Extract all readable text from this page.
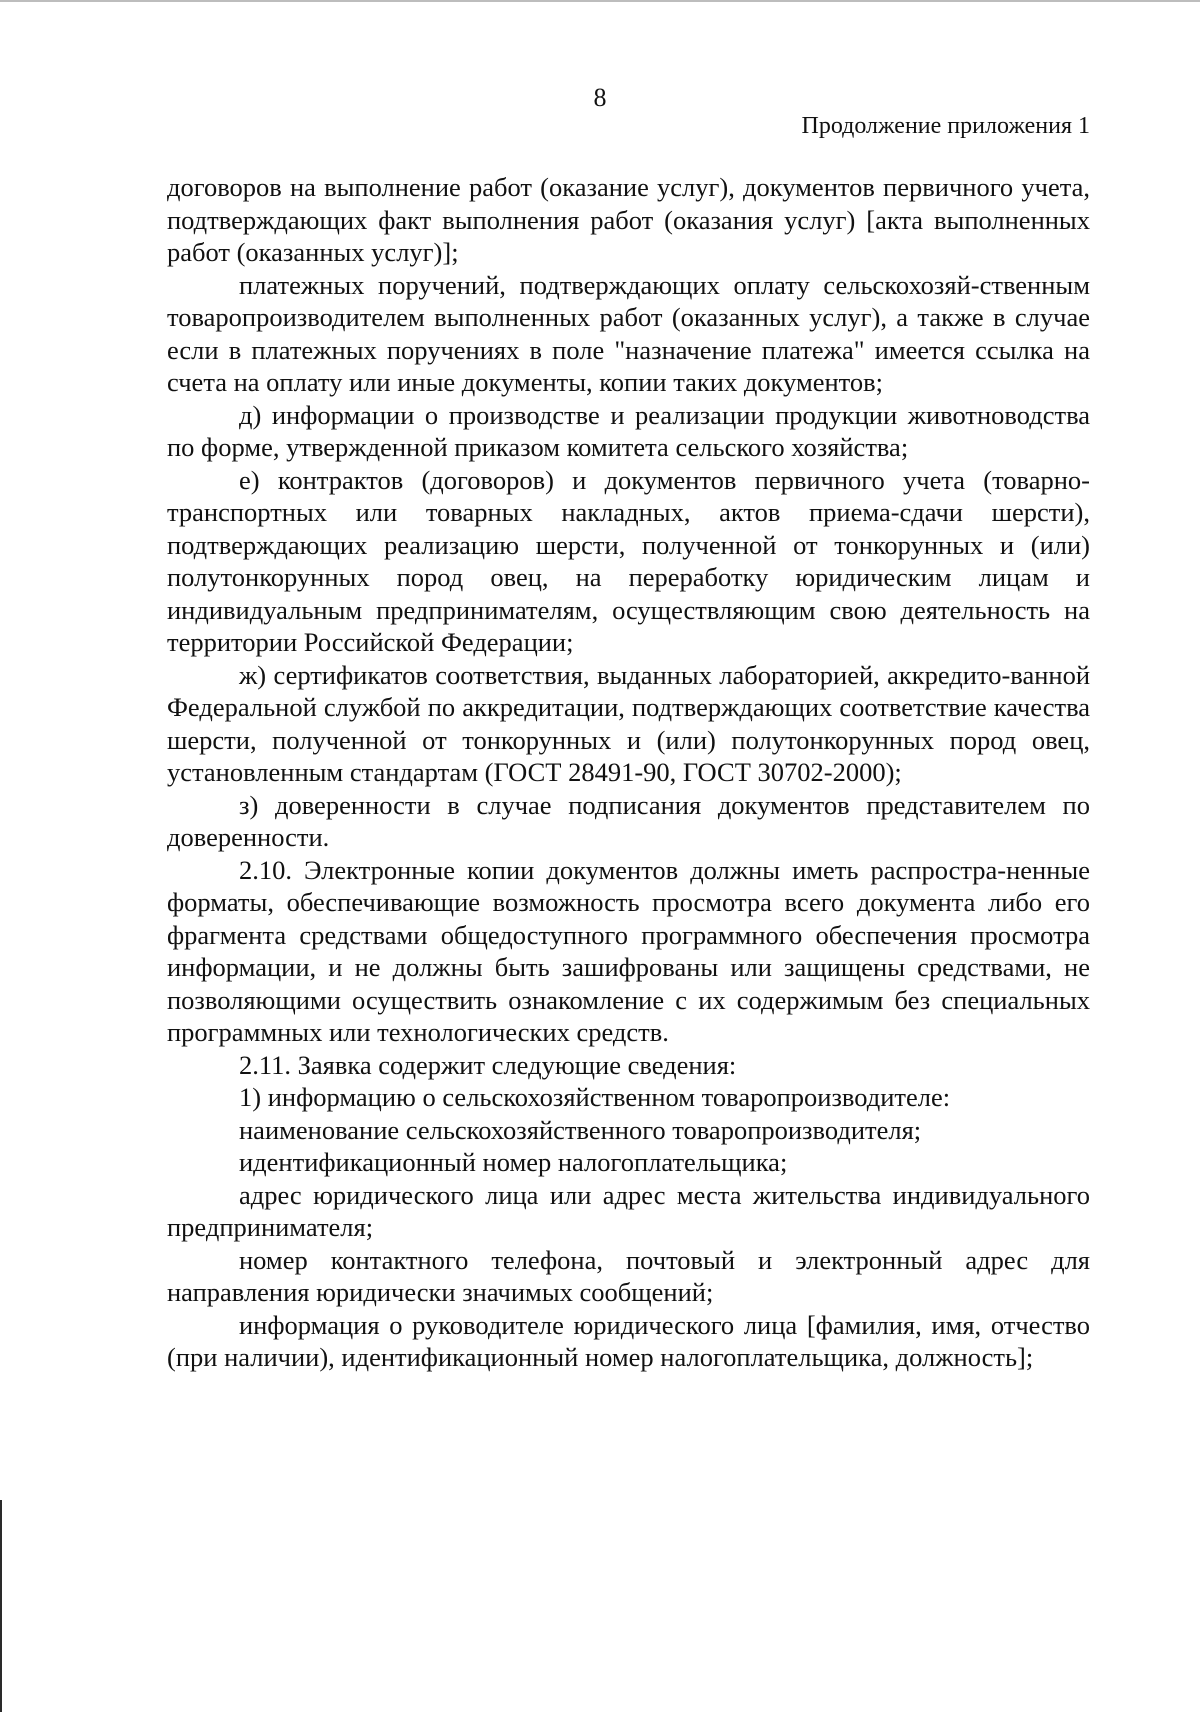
8
Продолжение приложения 1

договоров на выполнение работ (оказание услуг), документов первичного учета, подтверждающих факт выполнения работ (оказания услуг) [акта выполненных работ (оказанных услуг)];

платежных поручений, подтверждающих оплату сельскохозяй-ственным товаропроизводителем выполненных работ (оказанных услуг), а также в случае если в платежных поручениях в поле "назначение платежа" имеется ссылка на счета на оплату или иные документы, копии таких документов;

д) информации о производстве и реализации продукции животноводства по форме, утвержденной приказом комитета сельского хозяйства;

е) контрактов (договоров) и документов первичного учета (товарно-транспортных или товарных накладных, актов приема-сдачи шерсти), подтверждающих реализацию шерсти, полученной от тонкорунных и (или) полутонкорунных пород овец, на переработку юридическим лицам и индивидуальным предпринимателям, осуществляющим свою деятельность на территории Российской Федерации;

ж) сертификатов соответствия, выданных лабораторией, аккредито-ванной Федеральной службой по аккредитации, подтверждающих соответствие качества шерсти, полученной от тонкорунных и (или) полутонкорунных пород овец, установленным стандартам (ГОСТ 28491-90, ГОСТ 30702-2000);

з) доверенности в случае подписания документов представителем по доверенности.

2.10. Электронные копии документов должны иметь распростра-ненные форматы, обеспечивающие возможность просмотра всего документа либо его фрагмента средствами общедоступного программного обеспечения просмотра информации, и не должны быть зашифрованы или защищены средствами, не позволяющими осуществить ознакомление с их содержимым без специальных программных или технологических средств.

2.11. Заявка содержит следующие сведения:

1) информацию о сельскохозяйственном товаропроизводителе:

наименование сельскохозяйственного товаропроизводителя;

идентификационный номер налогоплательщика;

адрес юридического лица или адрес места жительства индивидуального предпринимателя;

номер контактного телефона, почтовый и электронный адрес для направления юридически значимых сообщений;

информация о руководителе юридического лица [фамилия, имя, отчество (при наличии), идентификационный номер налогоплательщика, должность];
